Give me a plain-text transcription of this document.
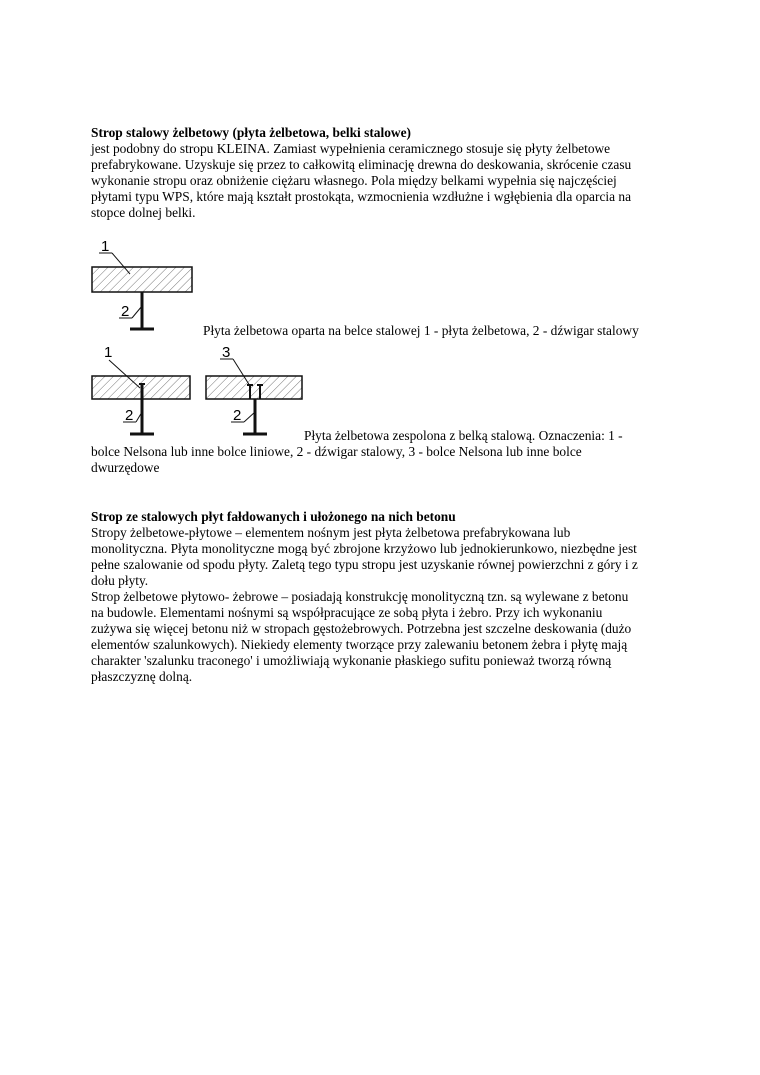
Strop stalowy żelbetowy (płyta żelbetowa, belki stalowe)
jest podobny do stropu KLEINA. Zamiast wypełnienia ceramicznego stosuje się płyty żelbetowe
prefabrykowane. Uzyskuje się przez to całkowitą eliminację drewna do deskowania, skrócenie czasu
wykonanie stropu oraz obniżenie ciężaru własnego. Pola między belkami wypełnia się najczęściej
płytami typu WPS, które mają kształt prostokąta, wzmocnienia wzdłużne i wgłębienia dla oparcia na
stopce dolnej belki.
1
2
Płyta żelbetowa oparta na belce stalowej 1 - płyta żelbetowa, 2 - dźwigar stalowy
1
2
3
2
Płyta żelbetowa zespolona z belką stalową. Oznaczenia: 1 -
bolce Nelsona lub inne bolce liniowe, 2 - dźwigar stalowy, 3 - bolce Nelsona lub inne bolce
dwurzędowe
Strop ze stalowych płyt fałdowanych i ułożonego na nich betonu
Stropy żelbetowe-płytowe – elementem nośnym jest płyta żelbetowa prefabrykowana lub
monolityczna. Płyta monolityczne mogą być zbrojone krzyżowo lub jednokierunkowo, niezbędne jest
pełne szalowanie od spodu płyty. Zaletą tego typu stropu jest uzyskanie równej powierzchni z góry i z
dołu płyty.
Strop żelbetowe płytowo- żebrowe – posiadają konstrukcję monolityczną tzn. są wylewane z betonu
na budowle. Elementami nośnymi są współpracujące ze sobą płyta i żebro. Przy ich wykonaniu
zużywa się więcej betonu niż w stropach gęstożebrowych. Potrzebna jest szczelne deskowania (dużo
elementów szalunkowych). Niekiedy elementy tworzące przy zalewaniu betonem żebra i płytę mają
charakter 'szalunku traconego' i umożliwiają wykonanie płaskiego sufitu ponieważ tworzą równą
płaszczyznę dolną.
